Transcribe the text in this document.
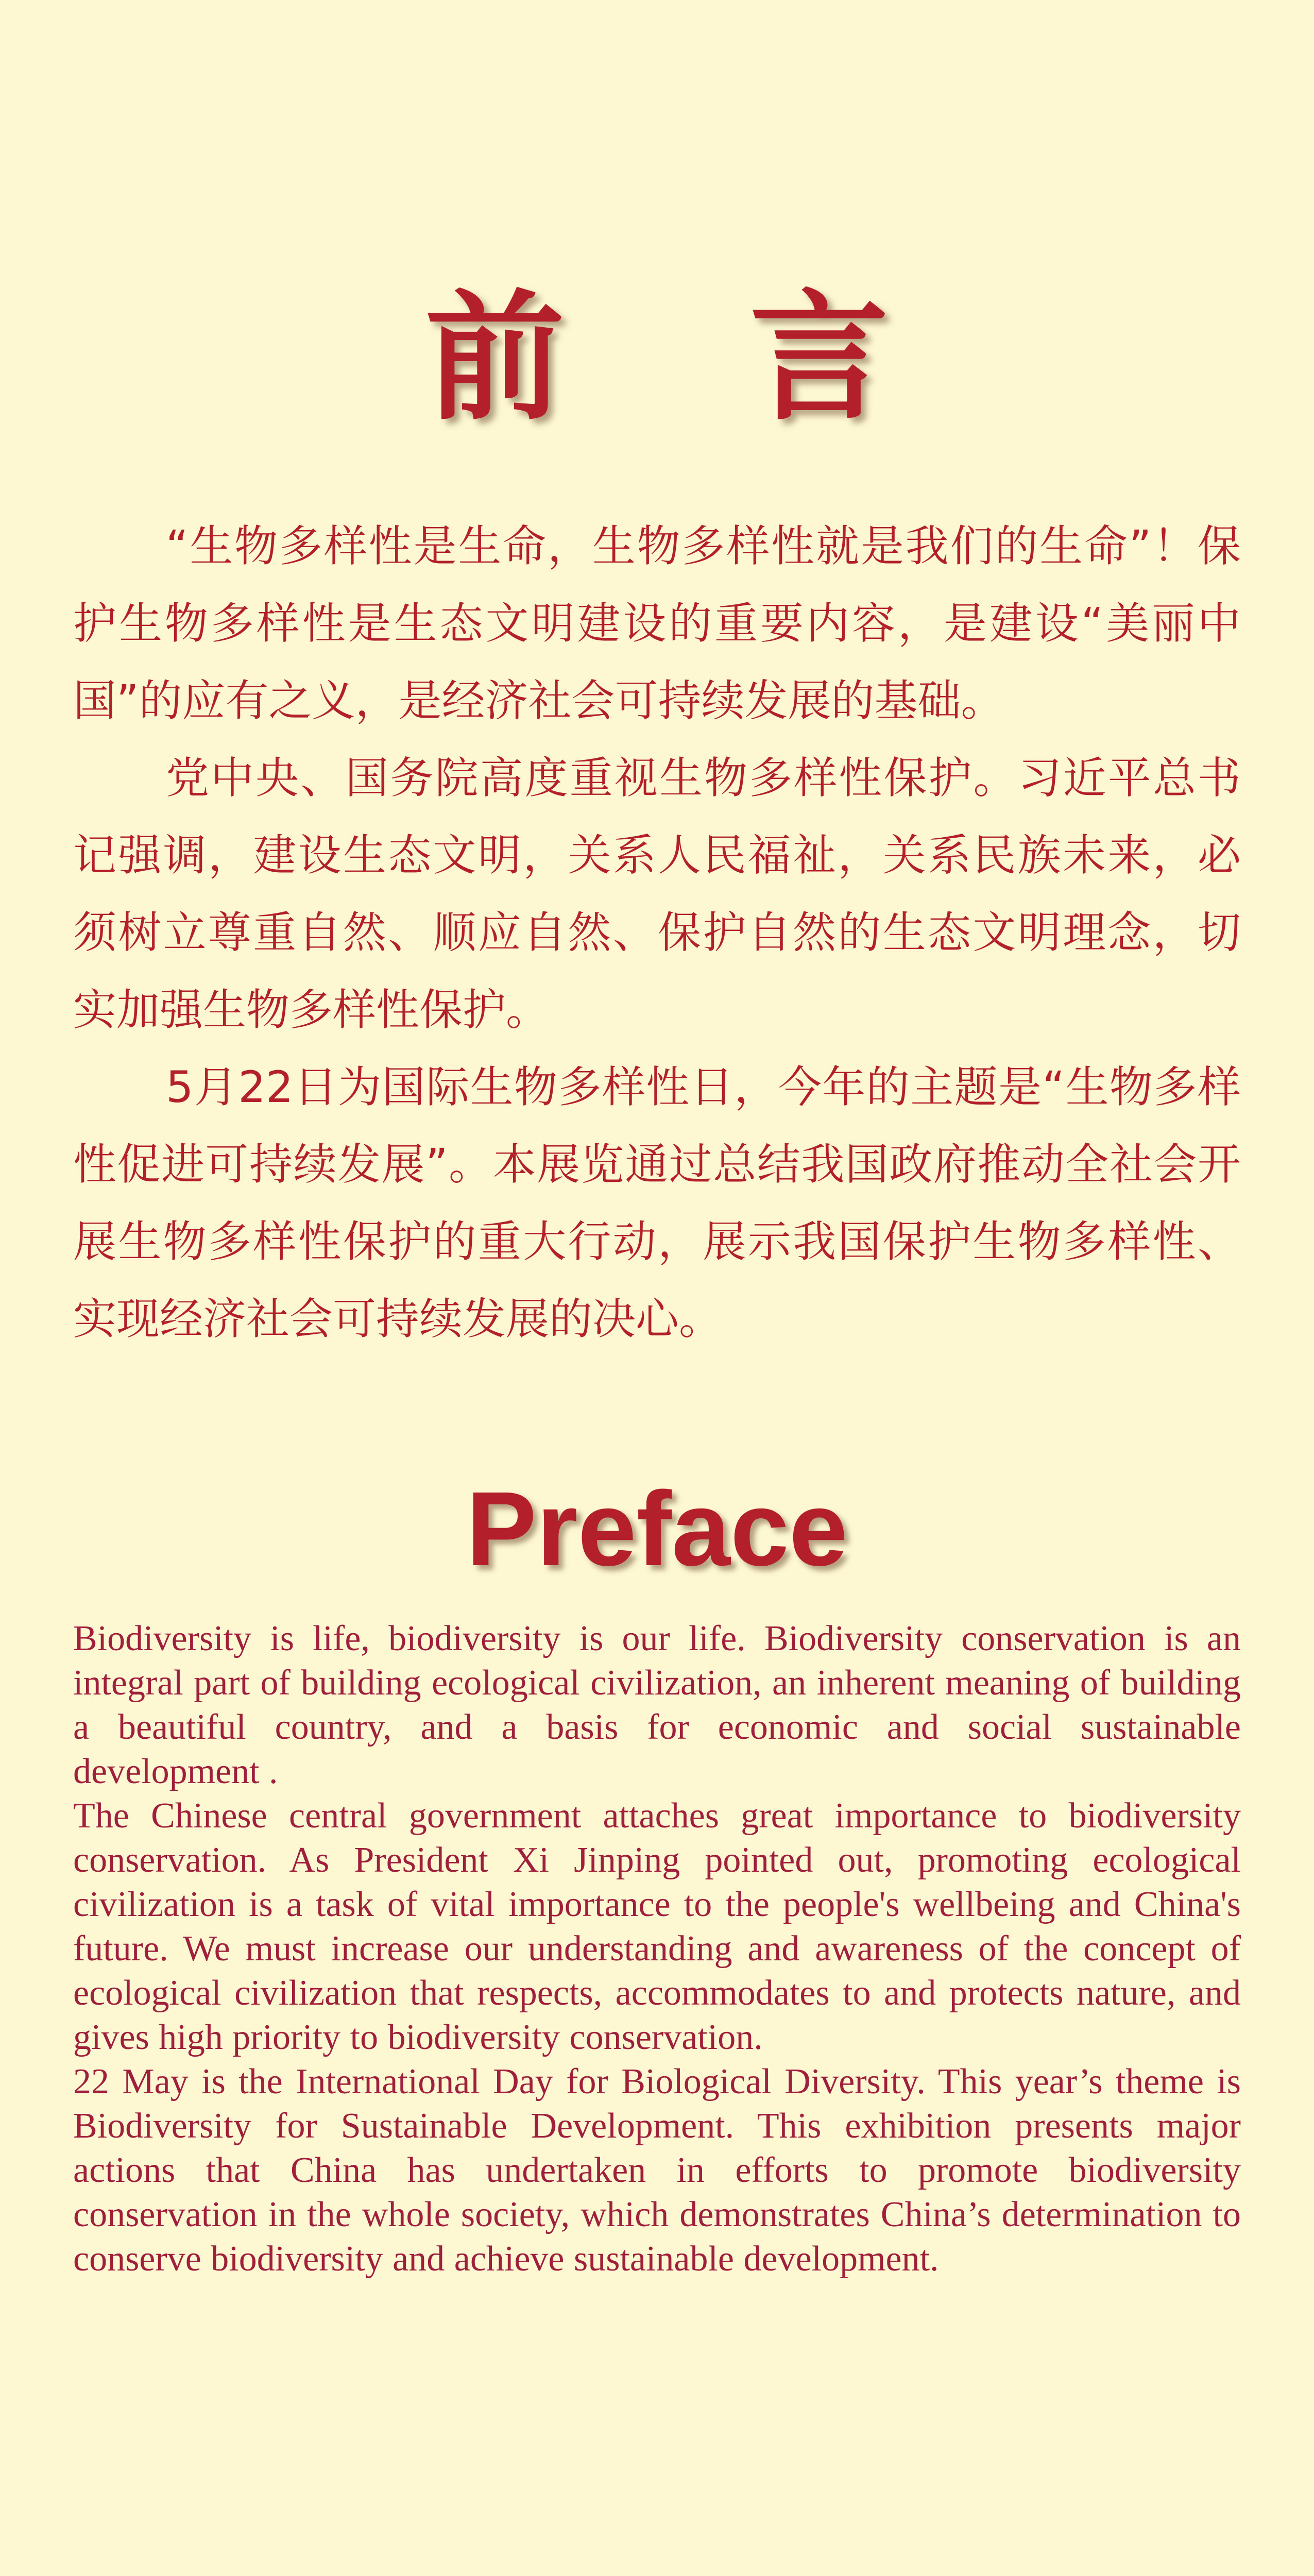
前 言

“生物多样性是生命，生物多样性就是我们的生命”！保护生物多样性是生态文明建设的重要内容，是建设“美丽中国”的应有之义，是经济社会可持续发展的基础。

党中央、国务院高度重视生物多样性保护。习近平总书记强调，建设生态文明，关系人民福祉，关系民族未来，必须树立尊重自然、顺应自然、保护自然的生态文明理念，切实加强生物多样性保护。

5月22日为国际生物多样性日，今年的主题是“生物多样性促进可持续发展”。本展览通过总结我国政府推动全社会开展生物多样性保护的重大行动，展示我国保护生物多样性、实现经济社会可持续发展的决心。

Preface

Biodiversity is life, biodiversity is our life. Biodiversity conservation is an integral part of building ecological civilization, an inherent meaning of building a beautiful country, and a basis for economic and social sustainable development .

The Chinese central government attaches great importance to biodiversity conservation. As President Xi Jinping pointed out, promoting ecological civilization is a task of vital importance to the people's wellbeing and China's future. We must increase our understanding and awareness of the concept of ecological civilization that respects, accommodates to and protects nature, and gives high priority to biodiversity conservation.

22 May is the International Day for Biological Diversity. This year’s theme is Biodiversity for Sustainable Development. This exhibition presents major actions that China has undertaken in efforts to promote biodiversity conservation in the whole society, which demonstrates China’s determination to conserve biodiversity and achieve sustainable development.
